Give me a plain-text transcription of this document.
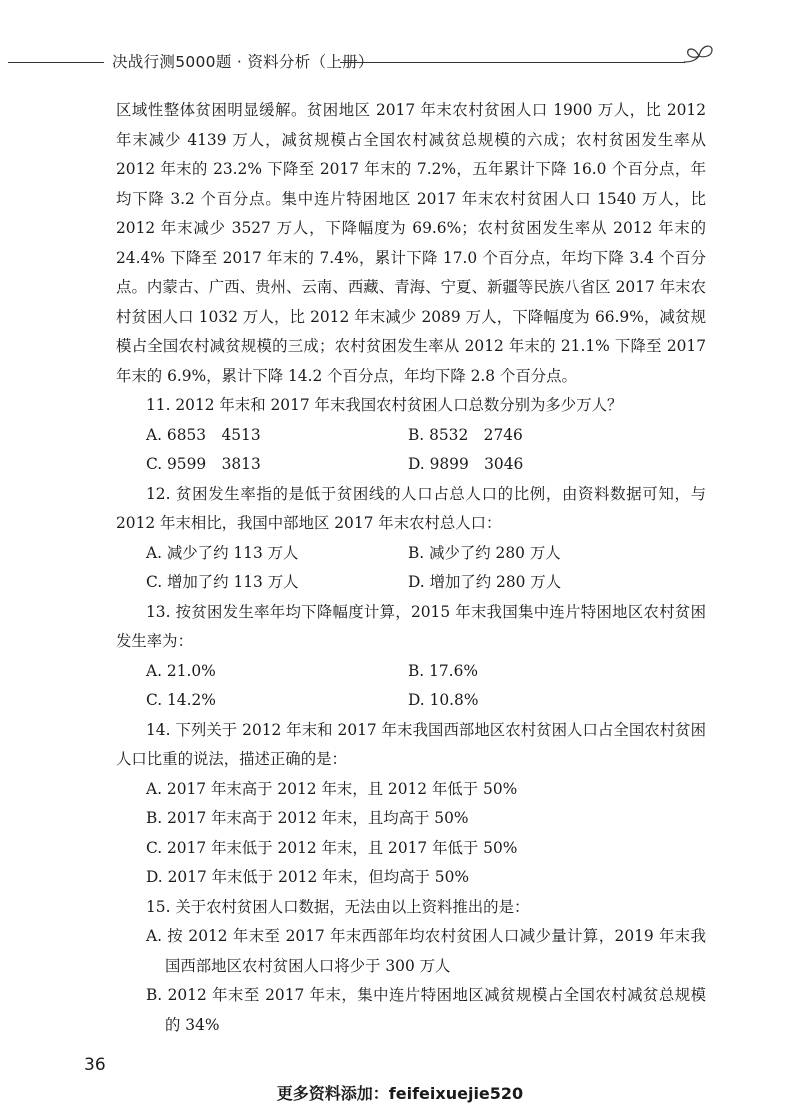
决战行测5000题 · 资料分析（上册）

区域性整体贫困明显缓解。贫困地区 2017 年末农村贫困人口 1900 万人，比 2012 年末减少 4139 万人，减贫规模占全国农村减贫总规模的六成；农村贫困发生率从 2012 年末的 23.2% 下降至 2017 年末的 7.2%，五年累计下降 16.0 个百分点，年均下降 3.2 个百分点。集中连片特困地区 2017 年末农村贫困人口 1540 万人，比 2012 年末减少 3527 万人，下降幅度为 69.6%；农村贫困发生率从 2012 年末的 24.4% 下降至 2017 年末的 7.4%，累计下降 17.0 个百分点，年均下降 3.4 个百分点。内蒙古、广西、贵州、云南、西藏、青海、宁夏、新疆等民族八省区 2017 年末农村贫困人口 1032 万人，比 2012 年末减少 2089 万人，下降幅度为 66.9%，减贫规模占全国农村减贫规模的三成；农村贫困发生率从 2012 年末的 21.1% 下降至 2017 年末的 6.9%，累计下降 14.2 个百分点，年均下降 2.8 个百分点。

11. 2012 年末和 2017 年末我国农村贫困人口总数分别为多少万人？

A. 6853　4513	B. 8532　2746
C. 9599　3813	D. 9899　3046

12. 贫困发生率指的是低于贫困线的人口占总人口的比例，由资料数据可知，与 2012 年末相比，我国中部地区 2017 年末农村总人口：

A. 减少了约 113 万人	B. 减少了约 280 万人
C. 增加了约 113 万人	D. 增加了约 280 万人

13. 按贫困发生率年均下降幅度计算，2015 年末我国集中连片特困地区农村贫困发生率为：

A. 21.0%	B. 17.6%
C. 14.2%	D. 10.8%

14. 下列关于 2012 年末和 2017 年末我国西部地区农村贫困人口占全国农村贫困人口比重的说法，描述正确的是：

A. 2017 年末高于 2012 年末，且 2012 年低于 50%
B. 2017 年末高于 2012 年末，且均高于 50%
C. 2017 年末低于 2012 年末，且 2017 年低于 50%
D. 2017 年末低于 2012 年末，但均高于 50%

15. 关于农村贫困人口数据，无法由以上资料推出的是：

A. 按 2012 年末至 2017 年末西部年均农村贫困人口减少量计算，2019 年末我国西部地区农村贫困人口将少于 300 万人
B. 2012 年末至 2017 年末，集中连片特困地区减贫规模占全国农村减贫总规模的 34%
36
更多资料添加：feifeixuejie520
